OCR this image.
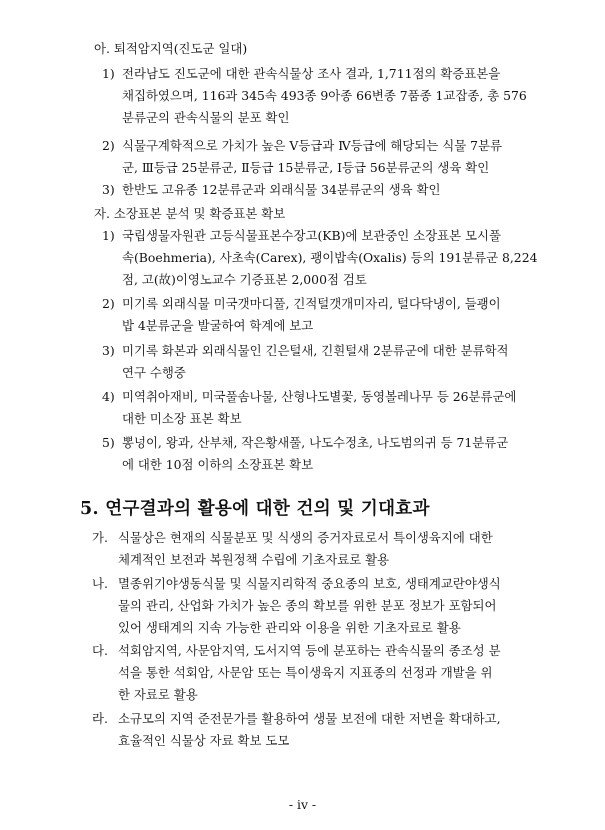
아. 퇴적암지역(진도군 일대)
1) 전라남도 진도군에 대한 관속식물상 조사 결과, 1,711점의 확증표본을
채집하였으며, 116과 345속 493종 9아종 66변종 7품종 1교잡종, 총 576
분류군의 관속식물의 분포 확인
2) 식물구계학적으로 가치가 높은 V등급과 Ⅳ등급에 해당되는 식물 7분류
군, Ⅲ등급 25분류군, Ⅱ등급 15분류군, Ⅰ등급 56분류군의 생육 확인
3) 한반도 고유종 12분류군과 외래식물 34분류군의 생육 확인
자. 소장표본 분석 및 확증표본 확보
1) 국립생물자원관 고등식물표본수장고(KB)에 보관중인 소장표본 모시풀
속(Boehmeria), 사초속(Carex), 괭이밥속(Oxalis) 등의 191분류군 8,224
점, 고(故)이영노교수 기증표본 2,000점 검토
2) 미기록 외래식물 미국갯마디풀, 긴적털갯개미자리, 털다닥냉이, 들괭이
밥 4분류군을 발굴하여 학계에 보고
3) 미기록 화본과 외래식물인 긴은털새, 긴흰털새 2분류군에 대한 분류학적
연구 수행중
4) 미역취아재비, 미국풀솜나물, 산형나도별꽃, 동영볼레나무 등 26분류군에
대한 미소장 표본 확보
5) 뽕넝이, 왕과, 산부채, 작은황새풀, 나도수정초, 나도범의귀 등 71분류군
에 대한 10점 이하의 소장표본 확보
5. 연구결과의 활용에 대한 건의 및 기대효과
가. 식물상은 현재의 식물분포 및 식생의 증거자료로서 특이생육지에 대한
체계적인 보전과 복원정책 수립에 기초자료로 활용
나. 멸종위기야생동식물 및 식물지리학적 중요종의 보호, 생태계교란야생식
물의 관리, 산업화 가치가 높은 종의 확보를 위한 분포 정보가 포함되어
있어 생태계의 지속 가능한 관리와 이용을 위한 기초자료로 활용
다. 석회암지역, 사문암지역, 도서지역 등에 분포하는 관속식물의 종조성 분
석을 통한 석회암, 사문암 또는 특이생육지 지표종의 선정과 개발을 위
한 자료로 활용
라. 소규모의 지역 준전문가를 활용하여 생물 보전에 대한 저변을 확대하고,
효율적인 식물상 자료 확보 도모
- iv -
